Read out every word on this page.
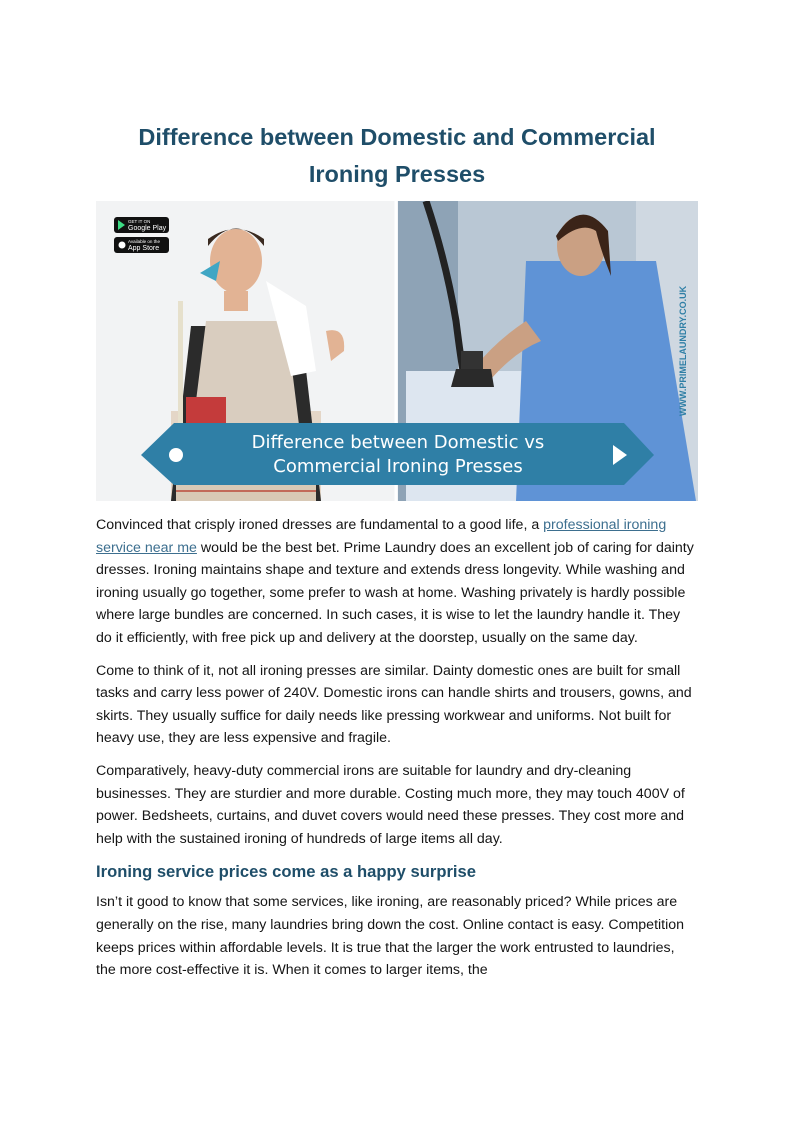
Difference between Domestic and Commercial Ironing Presses
GET IT ON
Google Play
Available on the
App Store
WWW.PRIMELAUNDRY.CO.UK
Difference between Domestic vs
Commercial Ironing Presses

Convinced that crisply ironed dresses are fundamental to a good life, a professional ironing service near me would be the best bet. Prime Laundry does an excellent job of caring for dainty dresses. Ironing maintains shape and texture and extends dress longevity. While washing and ironing usually go together, some prefer to wash at home. Washing privately is hardly possible where large bundles are concerned. In such cases, it is wise to let the laundry handle it. They do it efficiently, with free pick up and delivery at the doorstep, usually on the same day.

Come to think of it, not all ironing presses are similar. Dainty domestic ones are built for small tasks and carry less power of 240V. Domestic irons can handle shirts and trousers, gowns, and skirts. They usually suffice for daily needs like pressing workwear and uniforms. Not built for heavy use, they are less expensive and fragile.

Comparatively, heavy-duty commercial irons are suitable for laundry and dry-cleaning businesses. They are sturdier and more durable. Costing much more, they may touch 400V of power. Bedsheets, curtains, and duvet covers would need these presses. They cost more and help with the sustained ironing of hundreds of large items all day.

Ironing service prices come as a happy surprise

Isn’t it good to know that some services, like ironing, are reasonably priced? While prices are generally on the rise, many laundries bring down the cost. Online contact is easy. Competition keeps prices within affordable levels. It is true that the larger the work entrusted to laundries, the more cost-effective it is. When it comes to larger items, the
